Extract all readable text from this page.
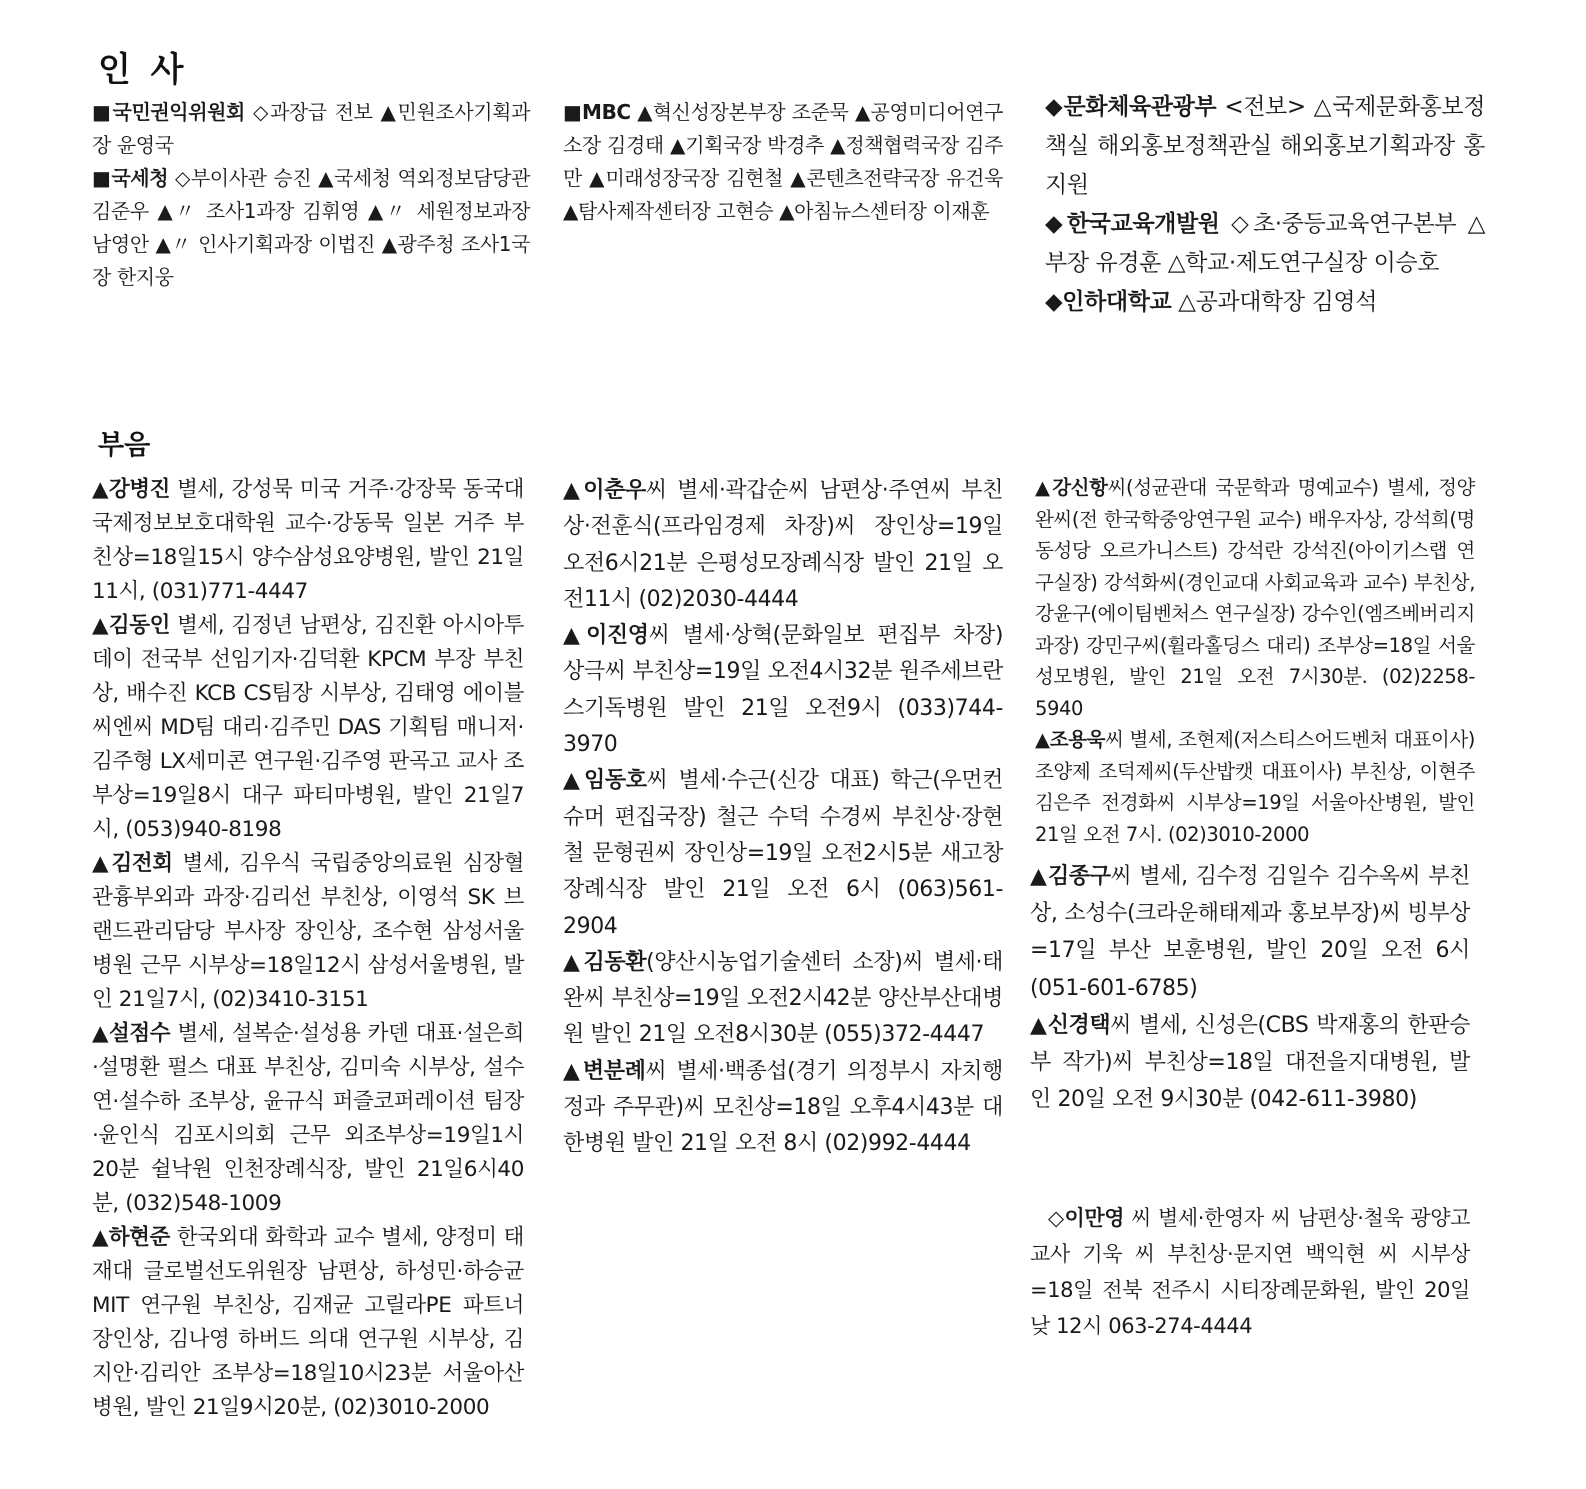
인 사

■국민권익위원회 ◇과장급 전보 ▲민원조사기획과장 윤영국

■국세청 ◇부이사관 승진 ▲국세청 역외정보담당관 김준우 ▲〃 조사1과장 김휘영 ▲〃 세원정보과장 남영안 ▲〃 인사기획과장 이법진 ▲광주청 조사1국장 한지웅

■MBC ▲혁신성장본부장 조준묵 ▲공영미디어연구소장 김경태 ▲기획국장 박경추 ▲정책협력국장 김주만 ▲미래성장국장 김현철 ▲콘텐츠전략국장 유건욱 ▲탐사제작센터장 고현승 ▲아침뉴스센터장 이재훈

◆문화체육관광부 <전보> △국제문화홍보정책실 해외홍보정책관실 해외홍보기획과장 홍지원

◆한국교육개발원 ◇초·중등교육연구본부 △부장 유경훈 △학교·제도연구실장 이승호

◆인하대학교 △공과대학장 김영석

부음

▲강병진 별세, 강성묵 미국 거주·강장묵 동국대 국제정보보호대학원 교수·강동묵 일본 거주 부친상=18일15시 양수삼성요양병원, 발인 21일11시, (031)771-4447

▲김동인 별세, 김정년 남편상, 김진환 아시아투데이 전국부 선임기자·김덕환 KPCM 부장 부친상, 배수진 KCB CS팀장 시부상, 김태영 에이블씨엔씨 MD팀 대리·김주민 DAS 기획팀 매니저·김주형 LX세미콘 연구원·김주영 판곡고 교사 조부상=19일8시 대구 파티마병원, 발인 21일7시, (053)940-8198

▲김전회 별세, 김우식 국립중앙의료원 심장혈관흉부외과 과장·김리선 부친상, 이영석 SK 브랜드관리담당 부사장 장인상, 조수현 삼성서울병원 근무 시부상=18일12시 삼성서울병원, 발인 21일7시, (02)3410-3151

▲설점수 별세, 설복순·설성용 카덴 대표·설은희·설명환 펄스 대표 부친상, 김미숙 시부상, 설수연·설수하 조부상, 윤규식 퍼즐코퍼레이션 팀장·윤인식 김포시의회 근무 외조부상=19일1시20분 쉴낙원 인천장례식장, 발인 21일6시40분, (032)548-1009

▲하현준 한국외대 화학과 교수 별세, 양정미 태재대 글로벌선도위원장 남편상, 하성민·하승균 MIT 연구원 부친상, 김재균 고릴라PE 파트너 장인상, 김나영 하버드 의대 연구원 시부상, 김지안·김리안 조부상=18일10시23분 서울아산병원, 발인 21일9시20분, (02)3010-2000

▲이춘우씨 별세·곽갑순씨 남편상·주연씨 부친상·전훈식(프라임경제 차장)씨 장인상=19일 오전6시21분 은평성모장례식장 발인 21일 오전11시 (02)2030-4444

▲이진영씨 별세·상혁(문화일보 편집부 차장) 상극씨 부친상=19일 오전4시32분 원주세브란스기독병원 발인 21일 오전9시 (033)744-3970

▲임동호씨 별세·수근(신강 대표) 학근(우먼컨슈머 편집국장) 철근 수덕 수경씨 부친상·장현철 문형권씨 장인상=19일 오전2시5분 새고창장례식장 발인 21일 오전 6시 (063)561-2904

▲김동환(양산시농업기술센터 소장)씨 별세·태완씨 부친상=19일 오전2시42분 양산부산대병원 발인 21일 오전8시30분 (055)372-4447

▲변분례씨 별세·백종섭(경기 의정부시 자치행정과 주무관)씨 모친상=18일 오후4시43분 대한병원 발인 21일 오전 8시 (02)992-4444

▲강신항씨(성균관대 국문학과 명예교수) 별세, 정양완씨(전 한국학중앙연구원 교수) 배우자상, 강석희(명동성당 오르가니스트) 강석란 강석진(아이기스랩 연구실장) 강석화씨(경인교대 사회교육과 교수) 부친상, 강윤구(에이팀벤처스 연구실장) 강수인(엠즈베버리지 과장) 강민구씨(휠라홀딩스 대리) 조부상=18일 서울성모병원, 발인 21일 오전 7시30분. (02)2258-5940

▲조용욱씨 별세, 조현제(저스티스어드벤처 대표이사) 조양제 조덕제씨(두산밥캣 대표이사) 부친상, 이현주 김은주 전경화씨 시부상=19일 서울아산병원, 발인 21일 오전 7시. (02)3010-2000

▲김종구씨 별세, 김수정 김일수 김수옥씨 부친상, 소성수(크라운해태제과 홍보부장)씨 빙부상=17일 부산 보훈병원, 발인 20일 오전 6시(051-601-6785)

▲신경택씨 별세, 신성은(CBS 박재홍의 한판승부 작가)씨 부친상=18일 대전을지대병원, 발인 20일 오전 9시30분 (042-611-3980)

◇이만영 씨 별세·한영자 씨 남편상·철욱 광양고 교사 기욱 씨 부친상·문지연 백익현 씨 시부상=18일 전북 전주시 시티장례문화원, 발인 20일 낮 12시 063-274-4444
